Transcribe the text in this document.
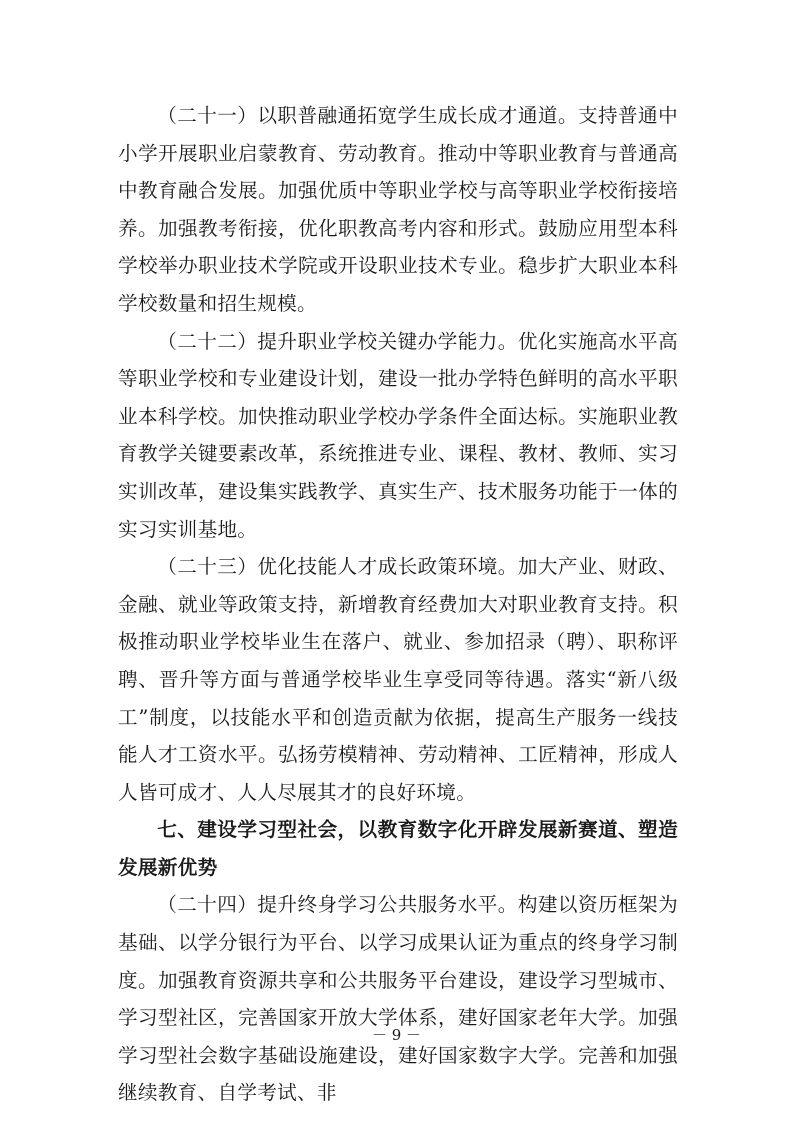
（二十一）以职普融通拓宽学生成长成才通道。支持普通中小学开展职业启蒙教育、劳动教育。推动中等职业教育与普通高中教育融合发展。加强优质中等职业学校与高等职业学校衔接培养。加强教考衔接，优化职教高考内容和形式。鼓励应用型本科学校举办职业技术学院或开设职业技术专业。稳步扩大职业本科学校数量和招生规模。

（二十二）提升职业学校关键办学能力。优化实施高水平高等职业学校和专业建设计划，建设一批办学特色鲜明的高水平职业本科学校。加快推动职业学校办学条件全面达标。实施职业教育教学关键要素改革，系统推进专业、课程、教材、教师、实习实训改革，建设集实践教学、真实生产、技术服务功能于一体的实习实训基地。

（二十三）优化技能人才成长政策环境。加大产业、财政、金融、就业等政策支持，新增教育经费加大对职业教育支持。积极推动职业学校毕业生在落户、就业、参加招录（聘）、职称评聘、晋升等方面与普通学校毕业生享受同等待遇。落实“新八级工”制度，以技能水平和创造贡献为依据，提高生产服务一线技能人才工资水平。弘扬劳模精神、劳动精神、工匠精神，形成人人皆可成才、人人尽展其才的良好环境。

七、建设学习型社会，以教育数字化开辟发展新赛道、塑造发展新优势

（二十四）提升终身学习公共服务水平。构建以资历框架为基础、以学分银行为平台、以学习成果认证为重点的终身学习制度。加强教育资源共享和公共服务平台建设，建设学习型城市、学习型社区，完善国家开放大学体系，建好国家老年大学。加强学习型社会数字基础设施建设，建好国家数字大学。完善和加强继续教育、自学考试、非

－ 9 －
